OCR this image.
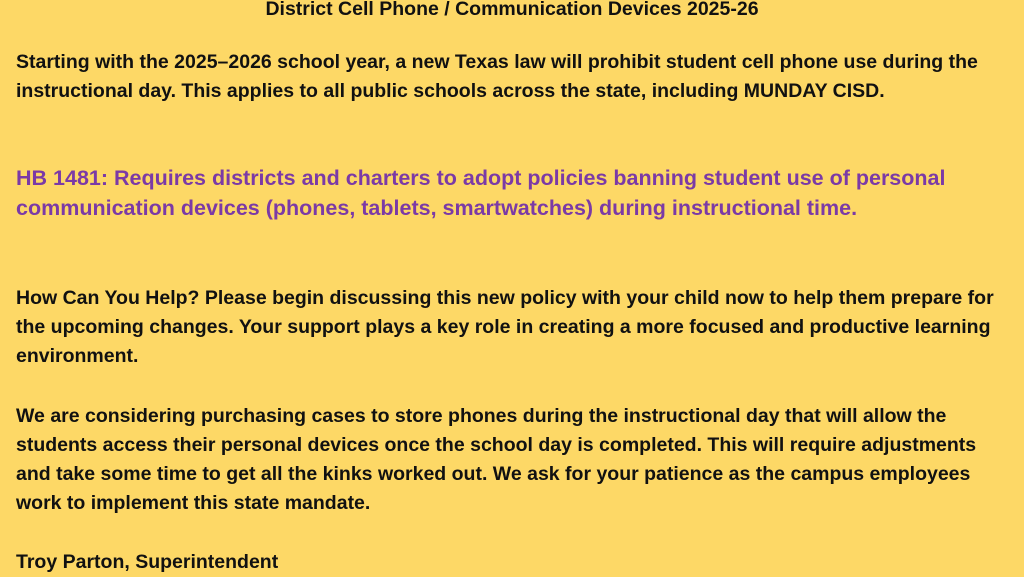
District Cell Phone / Communication Devices 2025-26

Starting with the 2025–2026 school year, a new Texas law will prohibit student cell phone use during the instructional day. This applies to all public schools across the state, including MUNDAY CISD.

HB 1481: Requires districts and charters to adopt policies banning student use of personal communication devices (phones, tablets, smartwatches) during instructional time.

How Can You Help? Please begin discussing this new policy with your child now to help them prepare for the upcoming changes. Your support plays a key role in creating a more focused and productive learning environment.

We are considering purchasing cases to store phones during the instructional day that will allow the students access their personal devices once the school day is completed. This will require adjustments and take some time to get all the kinks worked out. We ask for your patience as the campus employees work to implement this state mandate.

Troy Parton, Superintendent
